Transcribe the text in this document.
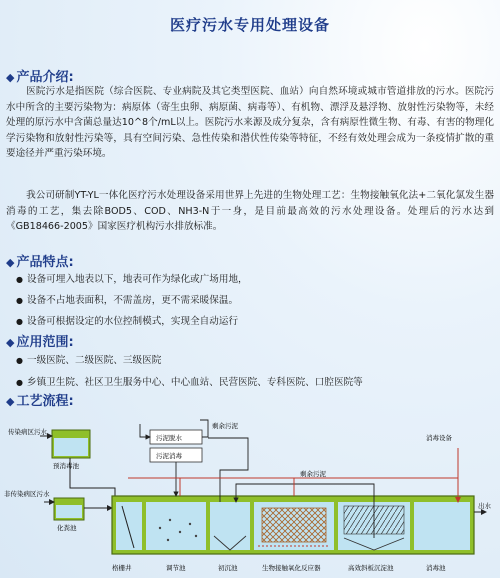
医疗污水专用处理设备
◆ 产品介绍:
医院污水是指医院（综合医院、专业病院及其它类型医院、血站）向自然环境或城市管道排放的污水。医院污水中所含的主要污染物为：病原体（寄生虫卵、病原菌、病毒等）、有机物、漂浮及悬浮物、放射性污染物等，未经处理的原污水中含菌总量达10^8个/mL以上。医院污水来源及成分复杂，含有病原性微生物、有毒、有害的物理化学污染物和放射性污染等，具有空间污染、急性传染和潜伏性传染等特征，不经有效处理会成为一条疫情扩散的重要途径并严重污染环境。
我公司研制YT-YL一体化医疗污水处理设备采用世界上先进的生物处理工艺：生物接触氧化法+二氧化氯发生器消毒的工艺，集去除BOD5、COD、NH3-N于一身，是目前最高效的污水处理设备。处理后的污水达到《GB18466-2005》国家医疗机构污水排放标准。
◆ 产品特点:
● 设备可埋入地表以下，地表可作为绿化或广场用地，
● 设备不占地表面积，不需盖房，更不需采暖保温。
● 设备可根据设定的水位控制模式，实现全自动运行
◆ 应用范围:
● 一级医院、二级医院、三级医院
● 乡镇卫生院、社区卫生服务中心、中心血站、民营医院、专科医院、口腔医院等
◆ 工艺流程:
传染病区污水
预消毒池
非传染病区污水
化粪池
污泥脱水
污泥消毒
剩余污泥
剩余污泥
消毒设备
出水
格栅井	调节池	初沉池	生物接触氧化反应器	高效斜板沉淀池	消毒池
